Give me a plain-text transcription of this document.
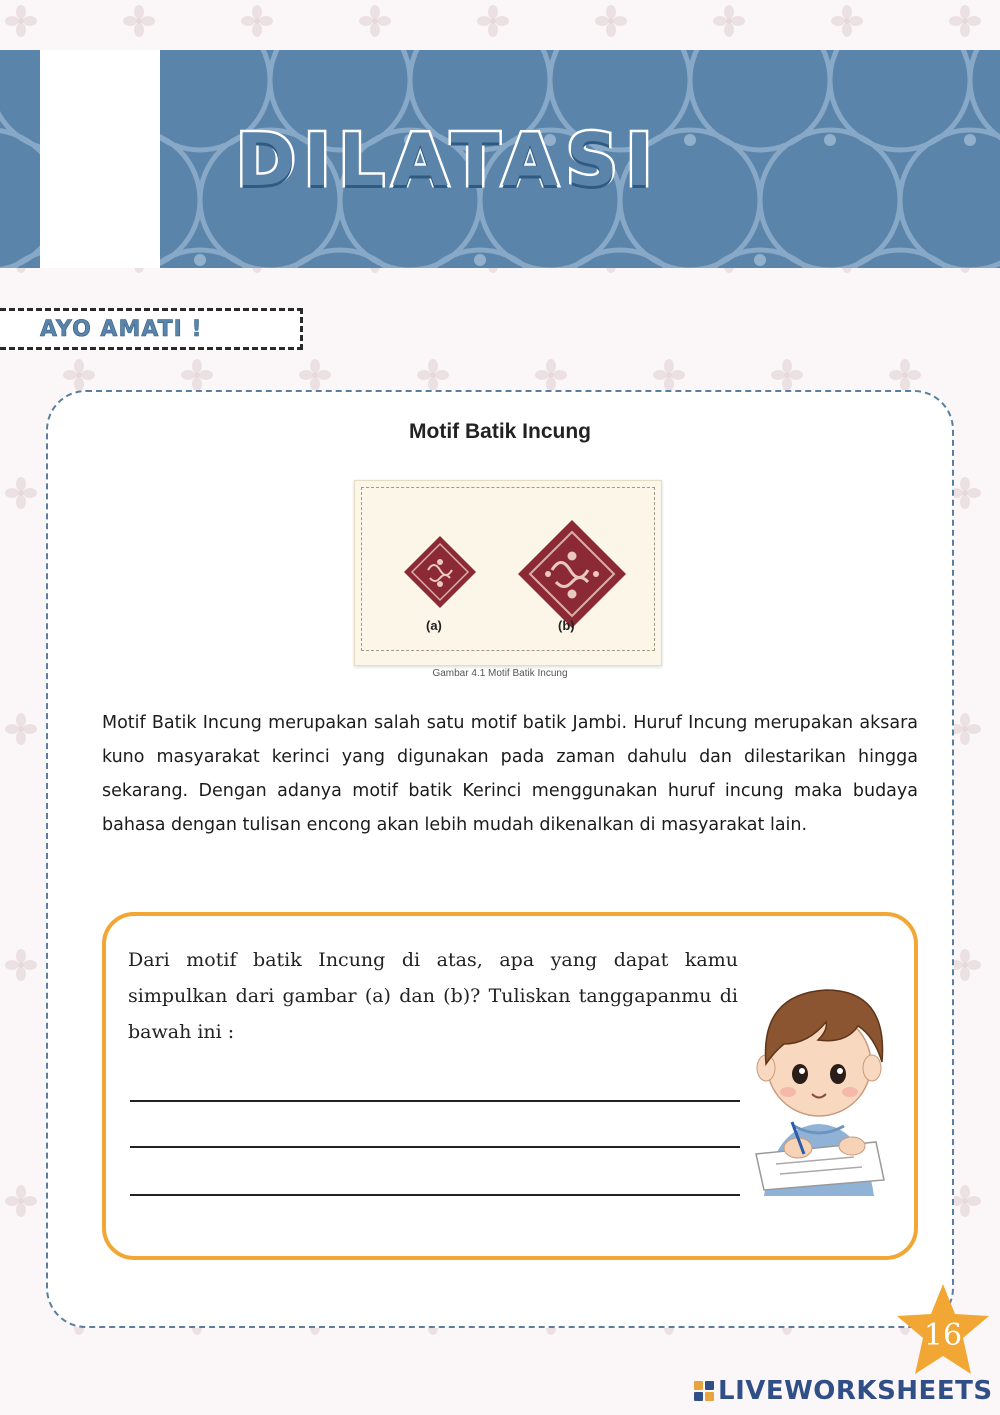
DILATASI
AYO AMATI !
Motif Batik Incung
(a)	(b)
Gambar 4.1 Motif Batik Incung
Motif Batik Incung merupakan salah satu motif batik Jambi. Huruf Incung merupakan aksara kuno masyarakat kerinci yang digunakan pada zaman dahulu dan dilestarikan hingga sekarang. Dengan adanya motif batik Kerinci menggunakan huruf incung maka budaya bahasa dengan tulisan encong akan lebih mudah dikenalkan di masyarakat lain.
Dari motif batik Incung di atas, apa yang dapat kamu simpulkan dari gambar (a) dan (b)? Tuliskan tanggapanmu di bawah ini :
16
LIVEWORKSHEETS
